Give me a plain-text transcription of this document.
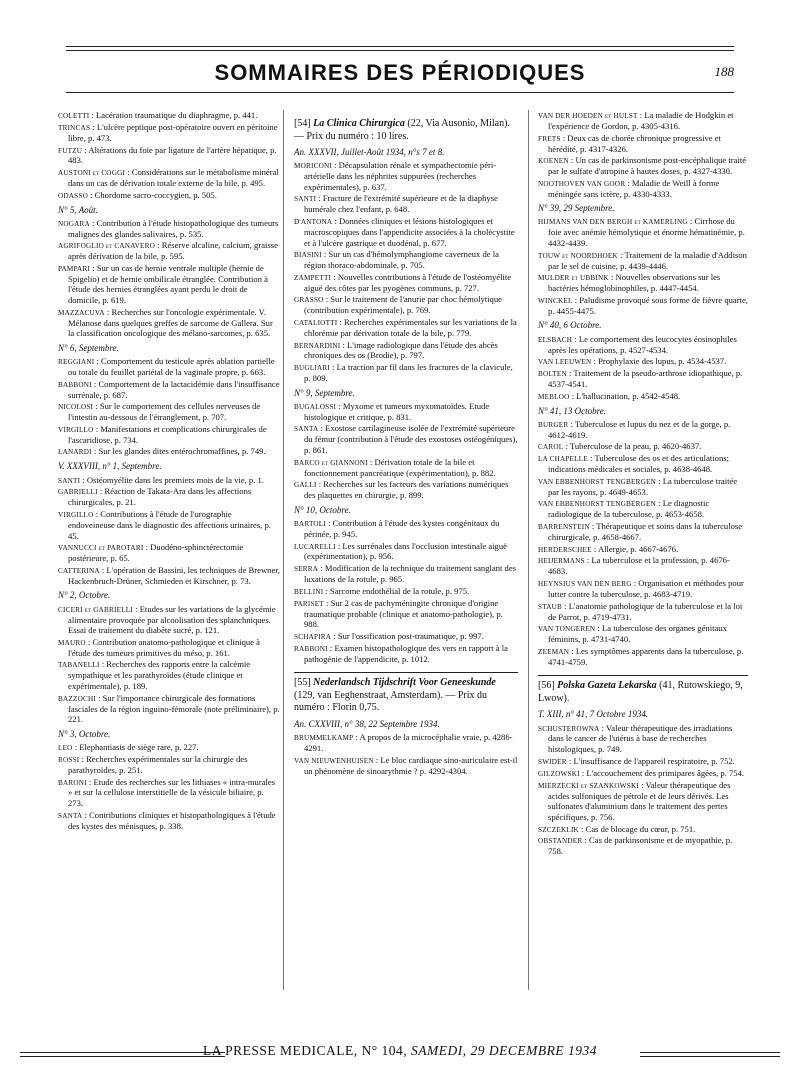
SOMMAIRES DES PÉRIODIQUES	188
COLETTI : Lacération traumatique du diaphragme, p. 441.
TRINCAS : L'ulcère peptique post-opératoire ouvert en péritoine libre, p. 473.
FUTZU : Altérations du foie par ligature de l'artère hépatique, p. 483.
AUSTONI et COGGI : Considérations sur le métabolisme minéral dans un cas de dérivation totale externe de la bile, p. 495.
ODASSO : Chordome sacro-coccygien, p. 505.
N° 5, Août.
NOGARA : Contribution à l'étude histopathologique des tumeurs malignes des glandes salivaires, p. 535.
AGRIFOGLIO et CANAVERO : Réserve alcaline, calcium, graisse après dérivation de la bile, p. 595.
PAMPARI : Sur un cas de hernie ventrale multiple (hernie de Spigelio) et de hernie ombilicale étranglée. Contribution à l'étude des hernies étranglées ayant perdu le droit de domicile, p. 619.
MAZZACUVA : Recherches sur l'oncologie expérimentale. V. Mélanose dans quelques greffes de sarcome de Gallera. Sur la classification oncologique des mélano-sarcomes, p. 635.
N° 6, Septembre.
REGGIANI : Comportement du testicule après ablation partielle ou totale du feuillet pariétal de la vaginale propre, p. 663.
BABBONI : Comportement de la lactacidémie dans l'insuffisance surrénale, p. 687.
NICOLOSI : Sur le comportement des cellules nerveuses de l'intestin au-dessous de l'étranglement, p. 707.
VIRGILLO : Manifestations et complications chirurgicales de l'ascaridiose, p. 734.
LANARDI : Sur les glandes dites entérochromaffines, p. 749.
V. XXXVIII, n° 1, Septembre.
SANTI : Ostéomyélite dans les premiers mois de la vie, p. 1.
GABRIELLI : Réaction de Takata-Ara dans les affections chirurgicales, p. 21.
VIRGILLO : Contributions à l'étude de l'urographie endoveineuse dans le diagnostic des affections urinaires, p. 45.
VANNUCCI et PAROTARI : Duodéno-sphinctérectomie postérieure, p. 65.
CATTERINA : L'opération de Bassini, les techniques de Brewner, Hackenbruch-Drüner, Schmieden et Kirschner, p. 73.
N° 2, Octobre.
CICERI et GABRIELLI : Etudes sur les variations de la glycémie alimentaire provoquée par alcoolisation des splanchniques. Essai de traitement du diabète sucré, p. 121.
MAURO : Contribution anatomo-pathologique et clinique à l'étude des tumeurs primitives du méso, p. 161.
TABANELLI : Recherches des rapports entre la calcémie sympathique et les parathyroïdes (étude clinique et expérimentale), p. 189.
BAZZOCHI : Sur l'importance chirurgicale des formations fasciales de la région inguino-fémorale (note préliminaire), p. 221.
N° 3, Octobre.
LEO : Elephantiasis de siège rare, p. 227.
ROSSI : Recherches expérimentales sur la chirurgie des parathyroïdes, p. 251.
BARONI : Etude des recherches sur les lithiases « intra-murales » et sur la cellulose interstitielle de la vésicule biliaire, p. 273.
SANTA : Contributions cliniques et histopathologiques à l'étude des kystes des ménisques, p. 338.
[54] La Clinica Chirurgica (22, Via Ausonio, Milan). — Prix du numéro : 10 lires.
An. XXXVII, Juillet-Août 1934, n°s 7 et 8.
MORICONI : Décapsulation rénale et sympathectomie péri-artérielle dans les néphrites suppurées (recherches expérimentales), p. 637.
SANTI : Fracture de l'extrémité supérieure et de la diaphyse humérale chez l'enfant, p. 648.
D'ANTONA : Données cliniques et lésions histologiques et macroscopiques dans l'appendicite associées à la cholécystite et à l'ulcère gastrique et duodénal, p. 677.
BIASINI : Sur un cas d'hémolymphangiome caverneux de la région thoraco-abdominale, p. 705.
ZAMPETTI : Nouvelles contributions à l'étude de l'ostéomyélite aiguë des côtes par les pyogènes communs, p. 727.
GRASSO : Sur le traitement de l'anurie par choc hémolytique (contribution expérimentale), p. 769.
CATALIOTTI : Recherches expérimentales sur les variations de la chlorémie par dérivation totale de la bile, p. 779.
BERNARDINI : L'image radiologique dans l'étude des abcès chroniques des os (Brodie), p. 797.
BUGLIARI : La traction par fil dans les fractures de la clavicule, p. 809.
N° 9, Septembre.
BUGALOSSI : Myxome et tumeurs myxomatoïdes. Etude histologique et critique, p. 831.
SANTA : Exostose cartilagineuse isolée de l'extrémité supérieure du fémur (contribution à l'étude des exostoses ostéogéniques), p. 861.
BARCO et GIANNONI : Dérivation totale de la bile et fonctionnement pancréatique (expérimentation), p. 882.
GALLI : Recherches sur les facteurs des variations numériques des plaquettes en chirurgie, p. 899.
N° 10, Octobre.
BARTOLI : Contribution à l'étude des kystes congénitaux du périnée, p. 945.
LUCARELLI : Les surrénales dans l'occlusion intestinale aiguë (expérimentation), p. 956.
SERRA : Modification de la technique du traitement sanglant des luxations de la rotule, p. 965.
BELLINI : Sarcome endothélial de la rotule, p. 975.
PARISET : Sur 2 cas de pachyméningite chronique d'origine traumatique probable (clinique et anatomo-pathologie), p. 988.
SCHAPIRA : Sur l'ossification post-traumatique, p. 997.
RABBONI : Examen histopathologique des vers en rapport à la pathogénie de l'appendicite, p. 1012.
[55] Nederlandsch Tijdschrift Voor Geneeskunde (129, van Eeghenstraat, Amsterdam). — Prix du numéro : Florin 0,75.
An. CXXVIII, n° 38, 22 Septembre 1934.
BRUMMELKAMP : A propos de la microcéphalie vraie, p. 4286-4291.
VAN NIEUWENHUISEN : Le bloc cardiaque sino-auriculaire est-il un phénomène de sinoarythmie ? p. 4292-4304.
VAN DER HOEDEN et HULST : La maladie de Hodgkin et l'expérience de Gordon, p. 4305-4316.
FRETS : Deux cas de chorée chronique progressive et hérédité, p. 4317-4326.
KOENEN : Un cas de parkinsonisme post-encéphalique traité par le sulfate d'atropine à hautes doses, p. 4327-4330.
NOOTHOVEN VAN GOOR : Maladie de Weill à forme méningée sans ictère, p. 4330-4333.
N° 39, 29 Septembre.
HIJMANS VAN DEN BERGH et KAMERLING : Cirrhose du foie avec anémie hémolytique et énorme hématinémie, p. 4432-4439.
TOUW et NOORDHOEK : Traitement de la maladie d'Addison par le sel de cuisine, p. 4439-4446.
MULDER et UBBINK : Nouvelles observations sur les bactéries hémoglobinophiles, p. 4447-4454.
WINCKEL : Paludisme provoqué sous forme de fièvre quarte, p. 4455-4475.
N° 40, 6 Octobre.
ELSBACH : Le comportement des leucocytes éosinophiles après les opérations, p. 4527-4534.
VAN LEEUWEN : Prophylaxie des lupus, p. 4534-4537.
BOLTEN : Traitement de la pseudo-arthrose idiopathique, p. 4537-4541.
MEBLOO : L'hallucination, p. 4542-4548.
N° 41, 13 Octobre.
BURGER : Tuberculose et lupus du nez et de la gorge, p. 4612-4619.
CAROL : Tuberculose de la peau, p. 4620-4637.
LA CHAPELLE : Tuberculose des os et des articulations; indications médicales et sociales, p. 4638-4648.
VAN EBBENHORST TENGBERGEN : La tuberculose traitée par les rayons, p. 4649-4653.
VAN EBBENHORST TENGBERGEN : Le diagnostic radiologique de la tuberculose, p. 4653-4658.
BARRENSTEIN : Thérapeutique et soins dans la tuberculose chirurgicale, p. 4658-4667.
HERDERSCHEE : Allergie, p. 4667-4676.
HEIJERMANS : La tuberculose et la profession, p. 4676-4683.
HEYNSIUS VAN DEN BERG : Organisation et méthodes pour lutter contre la tuberculose, p. 4683-4719.
STAUB : L'anatomie pathologique de la tuberculose et la loi de Parrot, p. 4719-4731.
VAN TONGEREN : La tuberculose des organes génitaux féminins, p. 4731-4740.
ZEEMAN : Les symptômes apparents dans la tuberculose, p. 4741-4759.
[56] Polska Gazeta Lekarska (41, Rutowskiego, 9, Lwow).
T. XIII, n° 41, 7 Octobre 1934.
SCHUSTEROWNA : Valeur thérapeutique des irradiations dans le cancer de l'utérus à base de recherches histologiques, p. 749.
SWIDER : L'insuffisance de l'appareil respiratoire, p. 752.
GILZOWSKI : L'accouchement des primipares âgées, p. 754.
MIERZECKI et SZANKOWSKI : Valeur thérapeutique des acides sulfoniques de pétrole et de leurs dérivés. Les sulfonates d'aluminium dans le traitement des pertes spécifiques, p. 756.
SZCZEKLIK : Cas de blocage du cœur, p. 751.
OBSTANDER : Cas de parkinsonisme et de myopathie, p. 758.
LA PRESSE MEDICALE, N° 104, SAMEDI, 29 DECEMBRE 1934
